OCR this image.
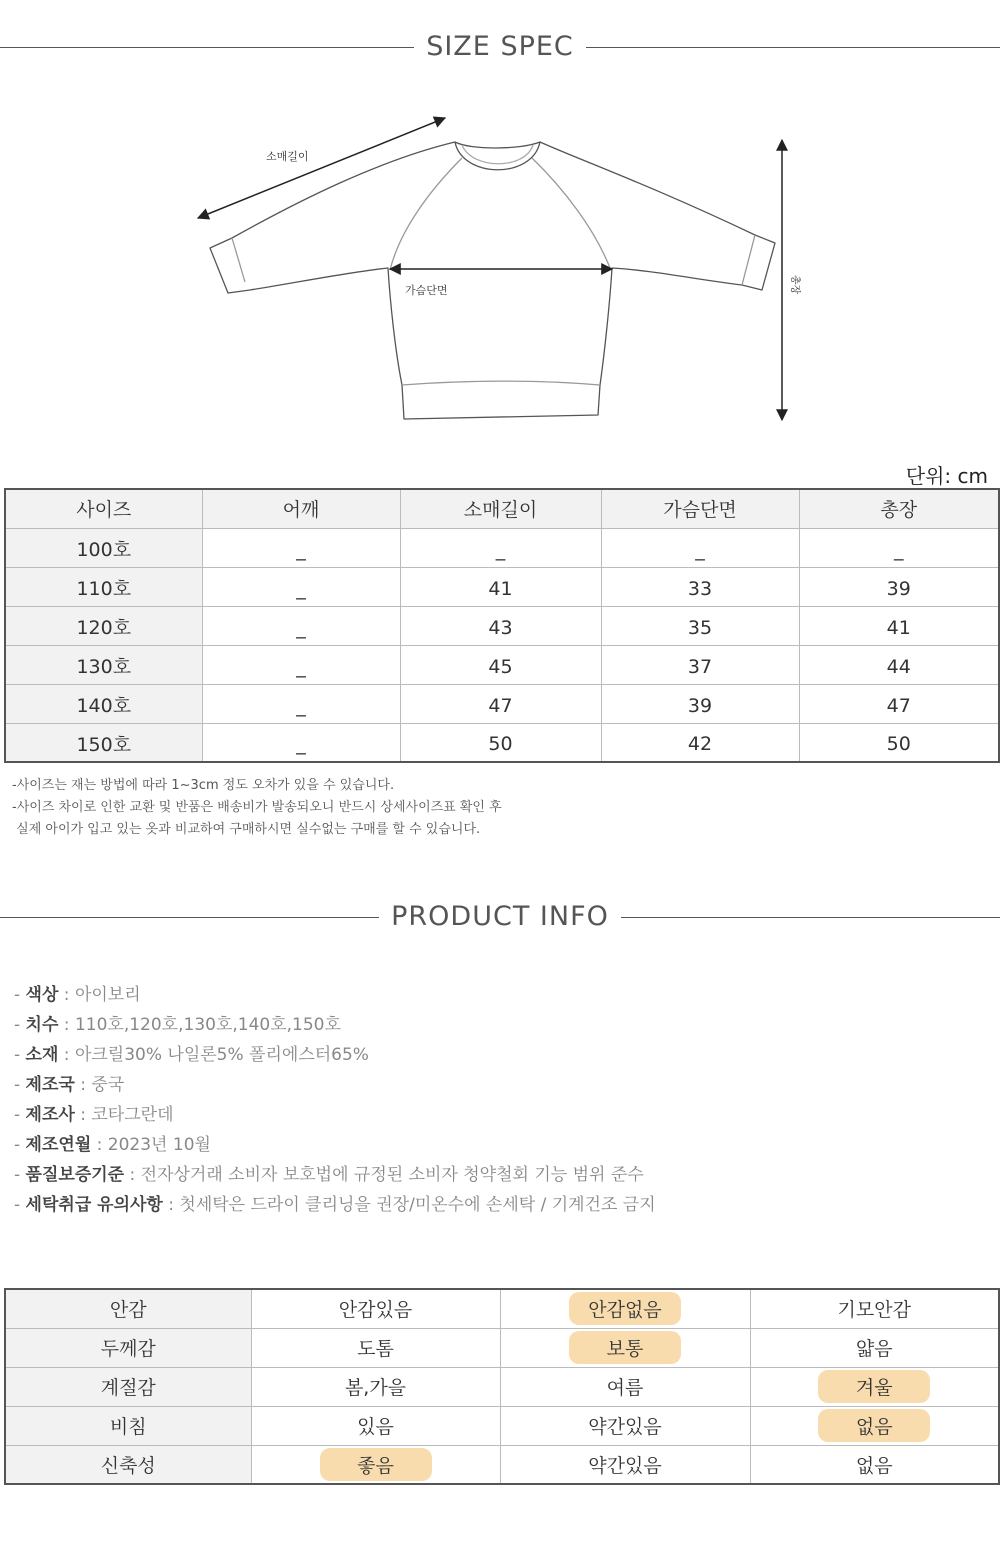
SIZE SPEC
소매길이
가슴단면	총장
단위: cm
사이즈	어깨	소매길이	가슴단면	총장
100호	_	_	_	_
110호	_	41	33	39
120호	_	43	35	41
130호	_	45	37	44
140호	_	47	39	47
150호	_	50	42	50
-사이즈는 재는 방법에 따라 1~3cm 정도 오차가 있을 수 있습니다.
-사이즈 차이로 인한 교환 및 반품은 배송비가 발송되오니 반드시 상세사이즈표 확인 후
실제 아이가 입고 있는 옷과 비교하여 구매하시면 실수없는 구매를 할 수 있습니다.
PRODUCT INFO
- 색상 : 아이보리
- 치수 : 110호,120호,130호,140호,150호
- 소재 : 아크릴30% 나일론5% 폴리에스터65%
- 제조국 : 중국
- 제조사 : 코타그란데
- 제조연월 : 2023년 10월
- 품질보증기준 : 전자상거래 소비자 보호법에 규정된 소비자 청약철회 기능 범위 준수
- 세탁취급 유의사항 : 첫세탁은 드라이 클리닝을 권장/미온수에 손세탁 / 기계건조 금지
안감	안감있음	안감없음	기모안감
두께감	도톰	보통	얇음
계절감	봄,가을	여름	겨울
비침	있음	약간있음	없음
신축성	좋음	약간있음	없음
